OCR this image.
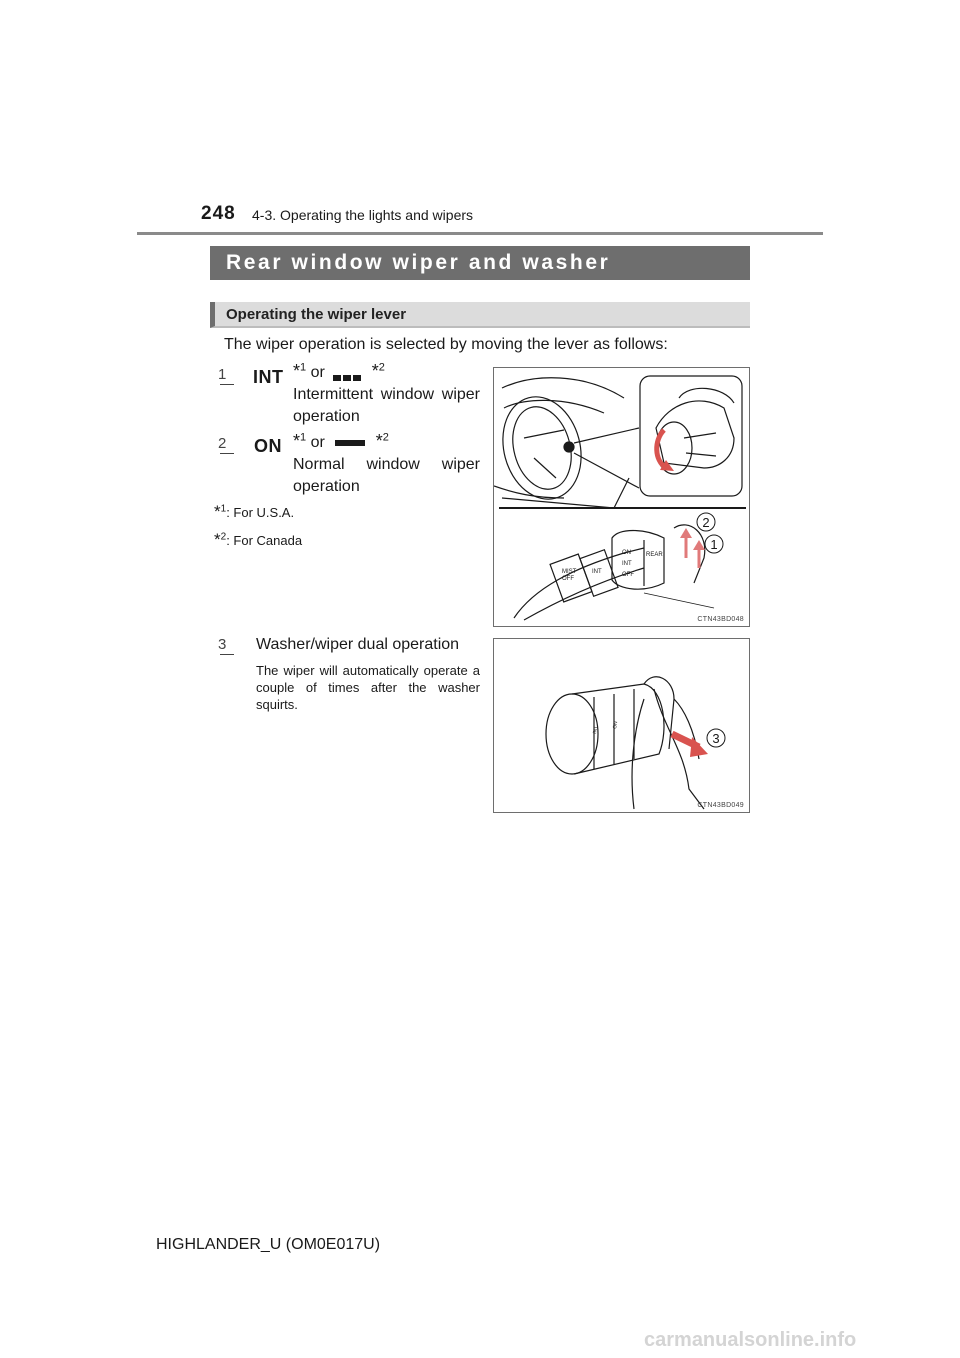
248 4-3. Operating the lights and wipers
Rear window wiper and washer
Operating the wiper lever
The wiper operation is selected by moving the lever as follows:
1 INT *$^1$ or	*$^2$
Intermittent window wiper operation
2 ON *$^1$ or	*$^2$
Normal window wiper operation
*$^1$: For U.S.A.
*$^2$: For Canada
ON
INT
OFF
REAR
MIST
OFF
INT
2
1
CTN43BD048
3 Washer/wiper dual operation
The wiper will automatically operate a couple of times after the washer squirts.
INT
ON
3
CTN43BD049
HIGHLANDER_U (OM0E017U)
carmanualsonline.info
